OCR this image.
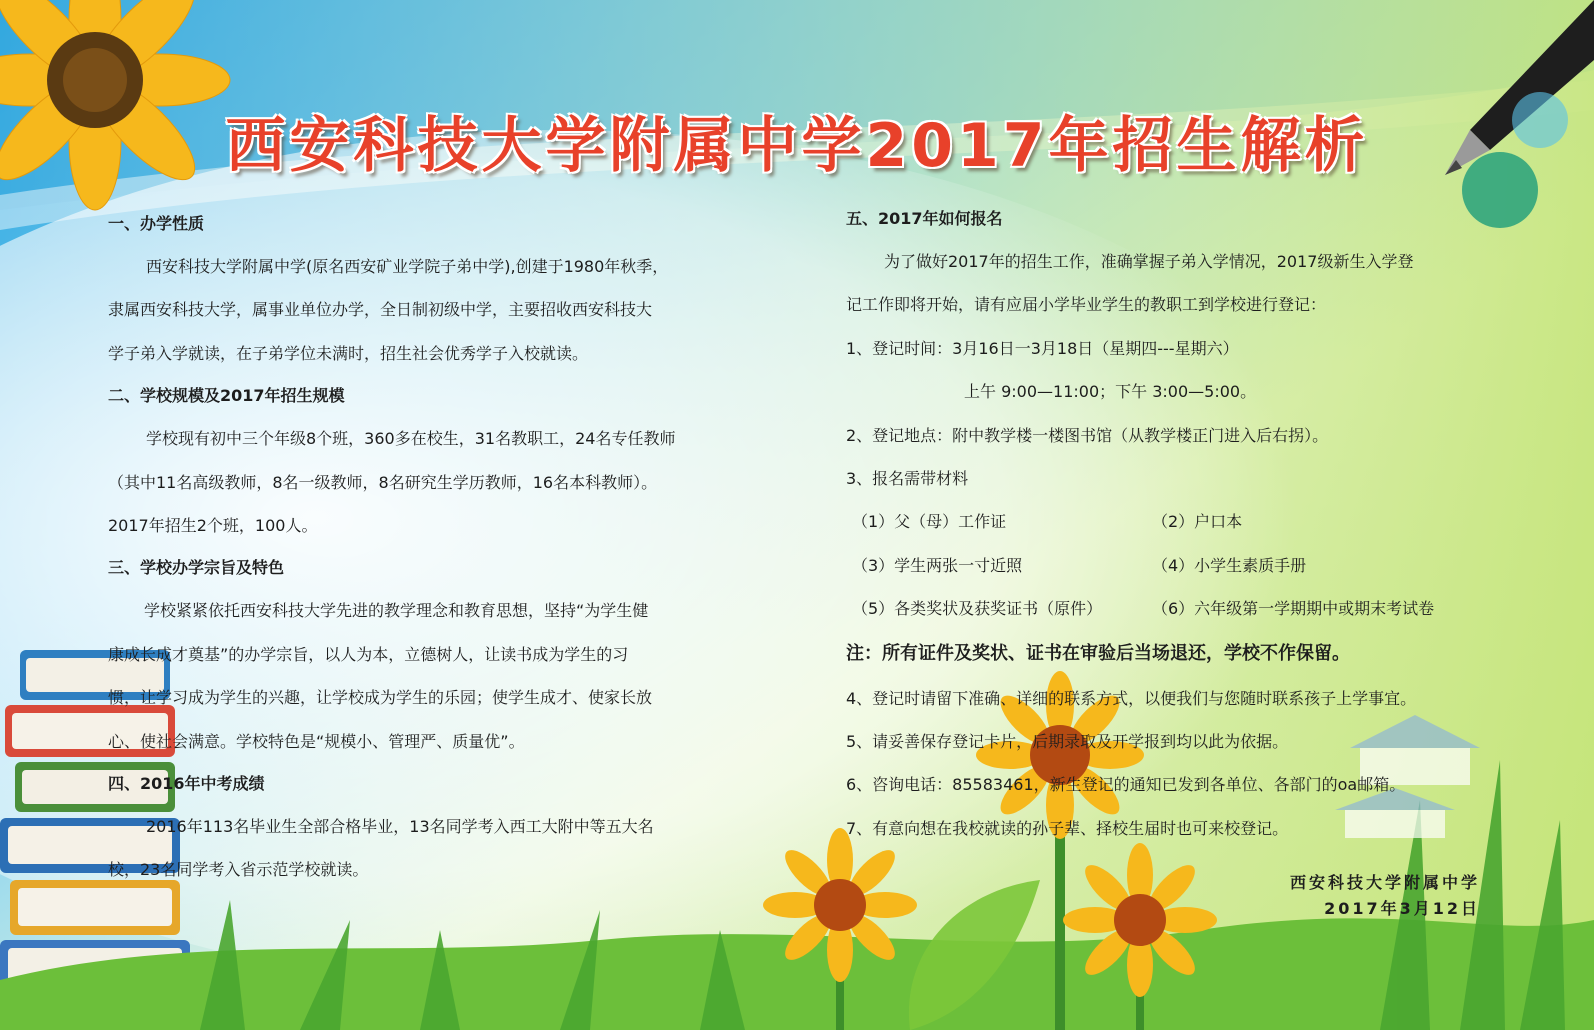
西安科技大学附属中学2017年招生解析
一、办学性质
西安科技大学附属中学(原名西安矿业学院子弟中学),创建于1980年秋季，
隶属西安科技大学，属事业单位办学，全日制初级中学，主要招收西安科技大
学子弟入学就读，在子弟学位未满时，招生社会优秀学子入校就读。
二、学校规模及2017年招生规模
学校现有初中三个年级8个班，360多在校生，31名教职工，24名专任教师
（其中11名高级教师，8名一级教师，8名研究生学历教师，16名本科教师）。
2017年招生2个班，100人。
三、学校办学宗旨及特色
学校紧紧依托西安科技大学先进的教学理念和教育思想，坚持“为学生健
康成长成才奠基”的办学宗旨，以人为本，立德树人，让读书成为学生的习
惯，让学习成为学生的兴趣，让学校成为学生的乐园；使学生成才、使家长放
心、使社会满意。学校特色是“规模小、管理严、质量优”。
四、2016年中考成绩
2016年113名毕业生全部合格毕业，13名同学考入西工大附中等五大名
校，23名同学考入省示范学校就读。
五、2017年如何报名
为了做好2017年的招生工作，准确掌握子弟入学情况，2017级新生入学登
记工作即将开始，请有应届小学毕业学生的教职工到学校进行登记：
1、登记时间：3月16日一3月18日（星期四---星期六）
上午 9:00—11:00；下午 3:00—5:00。
2、登记地点：附中教学楼一楼图书馆（从教学楼正门进入后右拐）。
3、报名需带材料
（1）父（母）工作证	（2）户口本
（3）学生两张一寸近照	（4）小学生素质手册
（5）各类奖状及获奖证书（原件）	（6）六年级第一学期期中或期末考试卷
注：所有证件及奖状、证书在审验后当场退还，学校不作保留。
4、登记时请留下准确、详细的联系方式，以便我们与您随时联系孩子上学事宜。
5、请妥善保存登记卡片，后期录取及开学报到均以此为依据。
6、咨询电话：85583461，新生登记的通知已发到各单位、各部门的oa邮箱。
7、有意向想在我校就读的孙子辈、择校生届时也可来校登记。
西安科技大学附属中学
2017年3月12日
